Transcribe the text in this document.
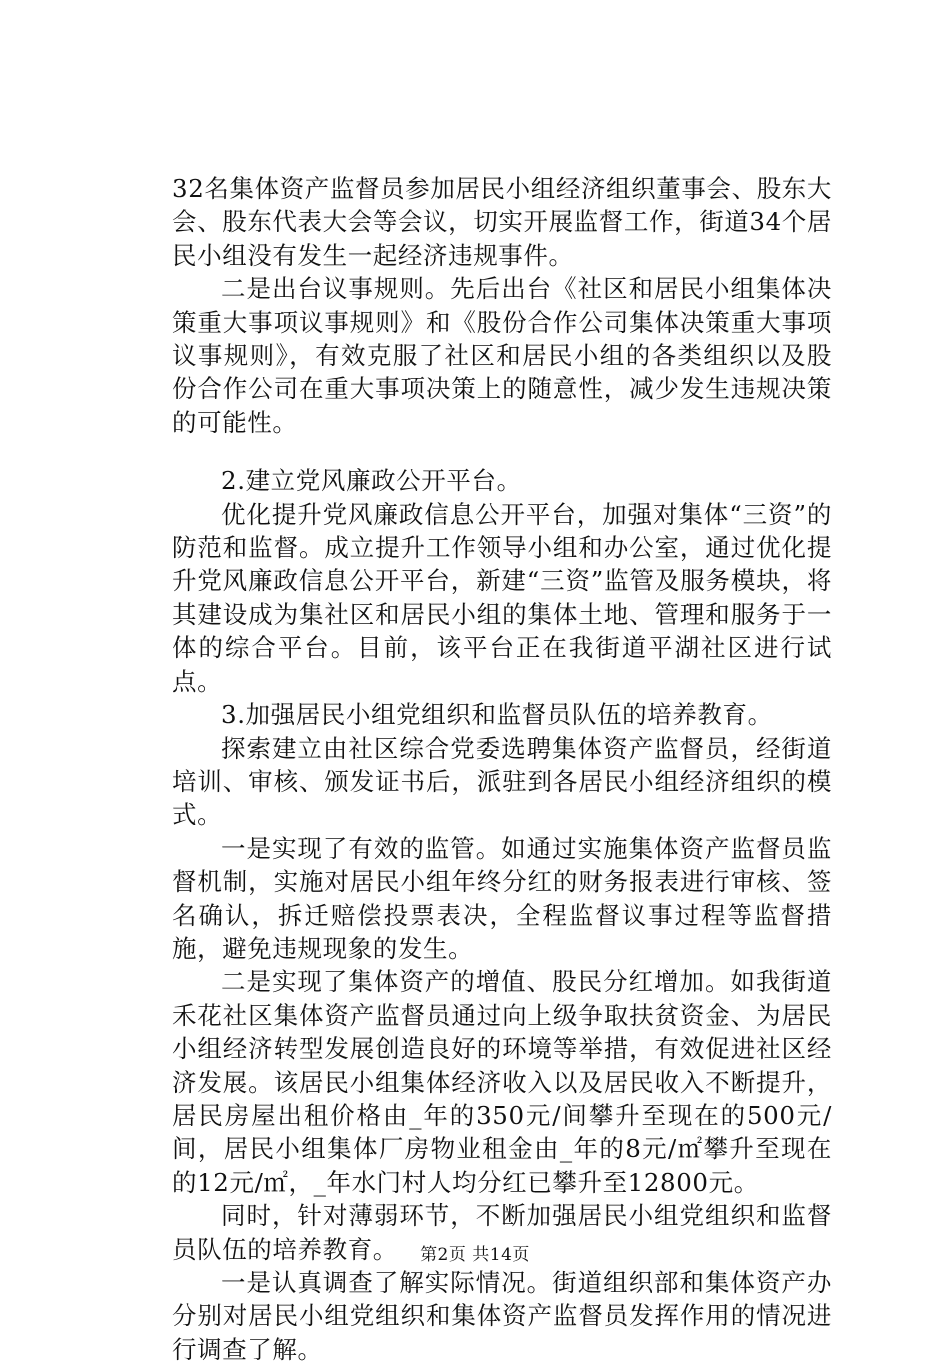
32名集体资产监督员参加居民小组经济组织董事会、股东大会、股东代表大会等会议，切实开展监督工作，街道34个居民小组没有发生一起经济违规事件。

二是出台议事规则。先后出台《社区和居民小组集体决策重大事项议事规则》和《股份合作公司集体决策重大事项议事规则》，有效克服了社区和居民小组的各类组织以及股份合作公司在重大事项决策上的随意性，减少发生违规决策的可能性。

2.建立党风廉政公开平台。

优化提升党风廉政信息公开平台，加强对集体“三资”的防范和监督。成立提升工作领导小组和办公室，通过优化提升党风廉政信息公开平台，新建“三资”监管及服务模块，将其建设成为集社区和居民小组的集体土地、管理和服务于一体的综合平台。目前，该平台正在我街道平湖社区进行试点。

3.加强居民小组党组织和监督员队伍的培养教育。

探索建立由社区综合党委选聘集体资产监督员，经街道培训、审核、颁发证书后，派驻到各居民小组经济组织的模式。

一是实现了有效的监管。如通过实施集体资产监督员监督机制，实施对居民小组年终分红的财务报表进行审核、签名确认，拆迁赔偿投票表决，全程监督议事过程等监督措施，避免违规现象的发生。

二是实现了集体资产的增值、股民分红增加。如我街道禾花社区集体资产监督员通过向上级争取扶贫资金、为居民小组经济转型发展创造良好的环境等举措，有效促进社区经济发展。该居民小组集体经济收入以及居民收入不断提升，居民房屋出租价格由_年的350元/间攀升至现在的500元/间，居民小组集体厂房物业租金由_年的8元/㎡攀升至现在的12元/㎡，_年水门村人均分红已攀升至12800元。

同时，针对薄弱环节，不断加强居民小组党组织和监督员队伍的培养教育。

一是认真调查了解实际情况。街道组织部和集体资产办分别对居民小组党组织和集体资产监督员发挥作用的情况进行调查了解。

第2页 共14页
